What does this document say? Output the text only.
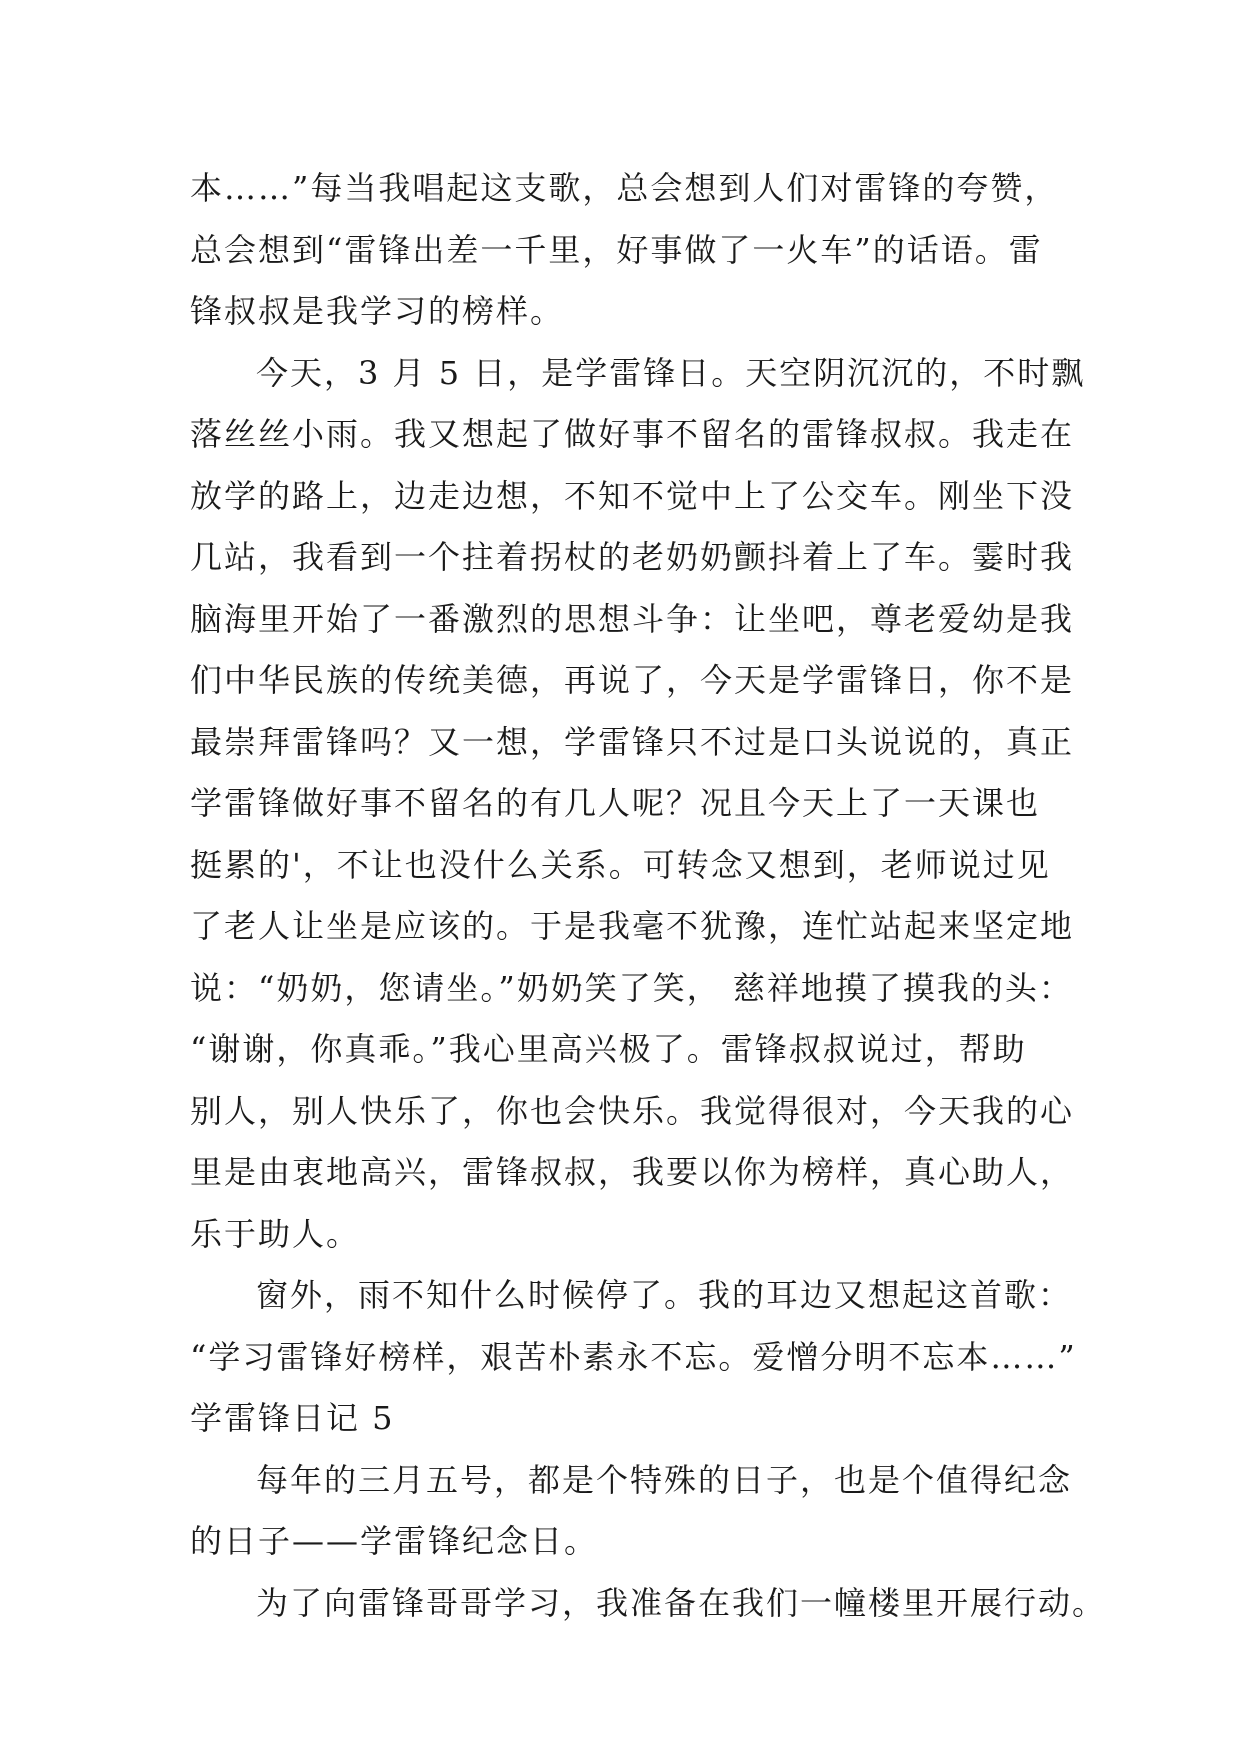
本……”每当我唱起这支歌，总会想到人们对雷锋的夸赞，
总会想到“雷锋出差一千里，好事做了一火车”的话语。雷
锋叔叔是我学习的榜样。
今天，3 月 5 日，是学雷锋日。天空阴沉沉的，不时飘
落丝丝小雨。我又想起了做好事不留名的雷锋叔叔。我走在
放学的路上，边走边想，不知不觉中上了公交车。刚坐下没
几站，我看到一个拄着拐杖的老奶奶颤抖着上了车。霎时我
脑海里开始了一番激烈的思想斗争：让坐吧，尊老爱幼是我
们中华民族的传统美德，再说了，今天是学雷锋日，你不是
最崇拜雷锋吗？又一想，学雷锋只不过是口头说说的，真正
学雷锋做好事不留名的有几人呢？况且今天上了一天课也
挺累的'，不让也没什么关系。可转念又想到，老师说过见
了老人让坐是应该的。于是我毫不犹豫，连忙站起来坚定地
说：“奶奶，您请坐。”奶奶笑了笑， 慈祥地摸了摸我的头：
“谢谢，你真乖。”我心里高兴极了。雷锋叔叔说过，帮助
别人，别人快乐了，你也会快乐。我觉得很对，今天我的心
里是由衷地高兴，雷锋叔叔，我要以你为榜样，真心助人，
乐于助人。
窗外，雨不知什么时候停了。我的耳边又想起这首歌：
“学习雷锋好榜样，艰苦朴素永不忘。爱憎分明不忘本……”
学雷锋日记 5
每年的三月五号，都是个特殊的日子，也是个值得纪念
的日子——学雷锋纪念日。
为了向雷锋哥哥学习，我准备在我们一幢楼里开展行动。
